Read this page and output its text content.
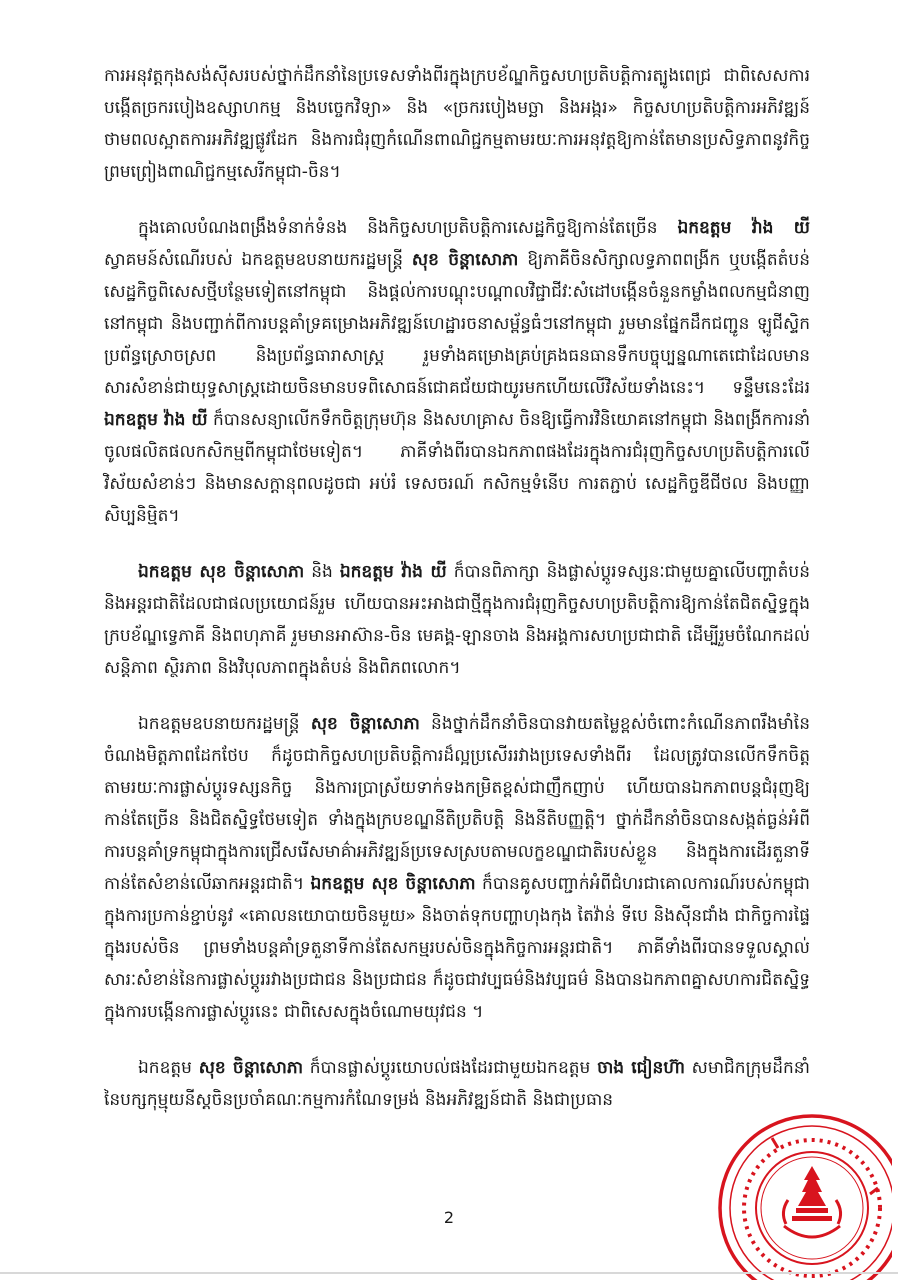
ការអនុវត្តកុងសង់ស៊ីសរបស់ថ្នាក់ដឹកនាំនៃប្រទេសទាំងពីរក្នុងក្របខ័ណ្ឌកិច្ចសហប្រតិបត្តិការត្បូងពេជ្រ ជាពិសេសការបង្កើតច្រករបៀងឧស្សាហកម្ម និងបច្ចេកវិទ្យា» និង «ច្រករបៀងមច្ឆា និងអង្ករ» កិច្ចសហប្រតិបត្តិការអភិវឌ្ឍន៍ថាមពលស្អាតការអភិវឌ្ឍផ្លូវដែក និងការជំរុញកំណើនពាណិជ្ជកម្មតាមរយៈការអនុវត្តឱ្យកាន់តែមានប្រសិទ្ធភាពនូវកិច្ចព្រមព្រៀងពាណិជ្ជកម្មសេរីកម្ពុជា-ចិន។

ក្នុងគោលបំណងពង្រឹងទំនាក់ទំនង និងកិច្ចសហប្រតិបត្តិការសេដ្ឋកិច្ចឱ្យកាន់តែច្រើន ឯកឧត្តម វ៉ាង យី ស្វាគមន៍សំណើរបស់ ឯកឧត្តមឧបនាយករដ្ឋមន្ត្រី សុខ ចិន្តាសោភា ឱ្យភាគីចិនសិក្សាលទ្ធភាពពង្រីក ឬបង្កើតតំបន់សេដ្ឋកិច្ចពិសេសថ្មីបន្ថែមទៀតនៅកម្ពុជា និងផ្តល់ការបណ្តុះបណ្តាលវិជ្ជាជីវៈសំដៅបង្កើនចំនួនកម្លាំងពលកម្មជំនាញនៅកម្ពុជា និងបញ្ជាក់ពីការបន្តគាំទ្រគម្រោងអភិវឌ្ឍន៍ហេដ្ឋារចនាសម្ព័ន្ធធំៗនៅកម្ពុជា រួមមានផ្នែកដឹកជញ្ជូន ឡូជីស្ទិក ប្រព័ន្ធស្រោចស្រព និងប្រព័ន្ធធារាសាស្ត្រ រួមទាំងគម្រោងគ្រប់គ្រងធនធានទឹកបច្ចុប្បន្នណាតេជោដែលមានសារសំខាន់ជាយុទ្ធសាស្ត្រដោយចិនមានបទពិសោធន៍ជោគជ័យជាយូរមកហើយលើវិស័យទាំងនេះ។ ទន្ទឹមនេះដែរ ឯកឧត្តម វ៉ាង យី ក៏បានសន្យាលើកទឹកចិត្តក្រុមហ៊ុន និងសហគ្រាស ចិនឱ្យធ្វើការវិនិយោគនៅកម្ពុជា និងពង្រីកការនាំចូលផលិតផលកសិកម្មពីកម្ពុជាថែមទៀត។ ភាគីទាំងពីរបានឯកភាពផងដែរក្នុងការជំរុញកិច្ចសហប្រតិបត្តិការលើវិស័យសំខាន់ៗ និងមានសក្តានុពលដូចជា អប់រំ ទេសចរណ៍ កសិកម្មទំនើប ការតភ្ជាប់ សេដ្ឋកិច្ចឌីជីថល និងបញ្ញាសិប្បនិម្មិត។

ឯកឧត្តម សុខ ចិន្តាសោភា និង ឯកឧត្តម វ៉ាង យី ក៏បានពិភាក្សា និងផ្លាស់ប្តូរទស្សនៈជាមួយគ្នាលើបញ្ហាតំបន់ និងអន្តរជាតិដែលជាផលប្រយោជន៍រួម ហើយបានអះអាងជាថ្មីក្នុងការជំរុញកិច្ចសហប្រតិបត្តិការឱ្យកាន់តែជិតស្និទ្ធក្នុងក្របខ័ណ្ឌទ្វេភាគី និងពហុភាគី រួមមានអាស៊ាន-ចិន មេគង្គ-ឡានចាង និងអង្គការសហប្រជាជាតិ ដើម្បីរួមចំណែកដល់សន្តិភាព ស្ថិរភាព និងវិបុលភាពក្នុងតំបន់ និងពិភពលោក។

ឯកឧត្តមឧបនាយករដ្ឋមន្ត្រី សុខ ចិន្តាសោភា និងថ្នាក់ដឹកនាំចិនបានវាយតម្លៃខ្ពស់ចំពោះកំណើនភាពរឹងមាំនៃចំណងមិត្តភាពដែកថែប ក៏ដូចជាកិច្ចសហប្រតិបត្តិការដ៏ល្អប្រសើររវាងប្រទេសទាំងពីរ ដែលត្រូវបានលើកទឹកចិត្តតាមរយៈការផ្លាស់ប្តូរទស្សនកិច្ច និងការប្រាស្រ័យទាក់ទងកម្រិតខ្ពស់ជាញឹកញាប់ ហើយបានឯកភាពបន្តជំរុញឱ្យកាន់តែច្រើន និងជិតស្និទ្ធថែមទៀត ទាំងក្នុងក្របខណ្ឌនីតិប្រតិបត្តិ និងនីតិបញ្ញត្តិ។ ថ្នាក់ដឹកនាំចិនបានសង្កត់ធ្ងន់អំពីការបន្តគាំទ្រកម្ពុជាក្នុងការជ្រើសរើសមាគ៌ាអភិវឌ្ឍន៍ប្រទេសស្របតាមលក្ខខណ្ឌជាតិរបស់ខ្លួន និងក្នុងការដើរតួនាទីកាន់តែសំខាន់លើឆាកអន្តរជាតិ។ ឯកឧត្តម សុខ ចិន្តាសោភា ក៏បានគូសបញ្ជាក់អំពីជំហរជាគោលការណ៍របស់កម្ពុជាក្នុងការប្រកាន់ខ្ជាប់នូវ «គោលនយោបាយចិនមួយ» និងចាត់ទុកបញ្ហាហុងកុង តៃវ៉ាន់ ទីបេ និងស៊ីនជាំង ជាកិច្ចការផ្ទៃក្នុងរបស់ចិន ព្រមទាំងបន្តគាំទ្រតួនាទីកាន់តែសកម្មរបស់ចិនក្នុងកិច្ចការអន្តរជាតិ។ ភាគីទាំងពីរបានទទួលស្គាល់សារៈសំខាន់នៃការផ្លាស់ប្តូររវាងប្រជាជន និងប្រជាជន ក៏ដូចជាវប្បធម៌និងវប្បធម៌ និងបានឯកភាពគ្នាសហការជិតស្និទ្ធក្នុងការបង្កើនការផ្លាស់ប្តូរនេះ ជាពិសេសក្នុងចំណោមយុវជន ។

ឯកឧត្តម សុខ ចិន្តាសោភា ក៏បានផ្លាស់ប្តូរយោបល់ផងដែរជាមួយឯកឧត្តម ចាង ជៀនហ៊ា សមាជិកក្រុមដឹកនាំនៃបក្សកុម្មុយនីស្តចិនប្រចាំគណៈកម្មការកំណែទម្រង់ និងអភិវឌ្ឍន៍ជាតិ និងជាប្រធាន

2
